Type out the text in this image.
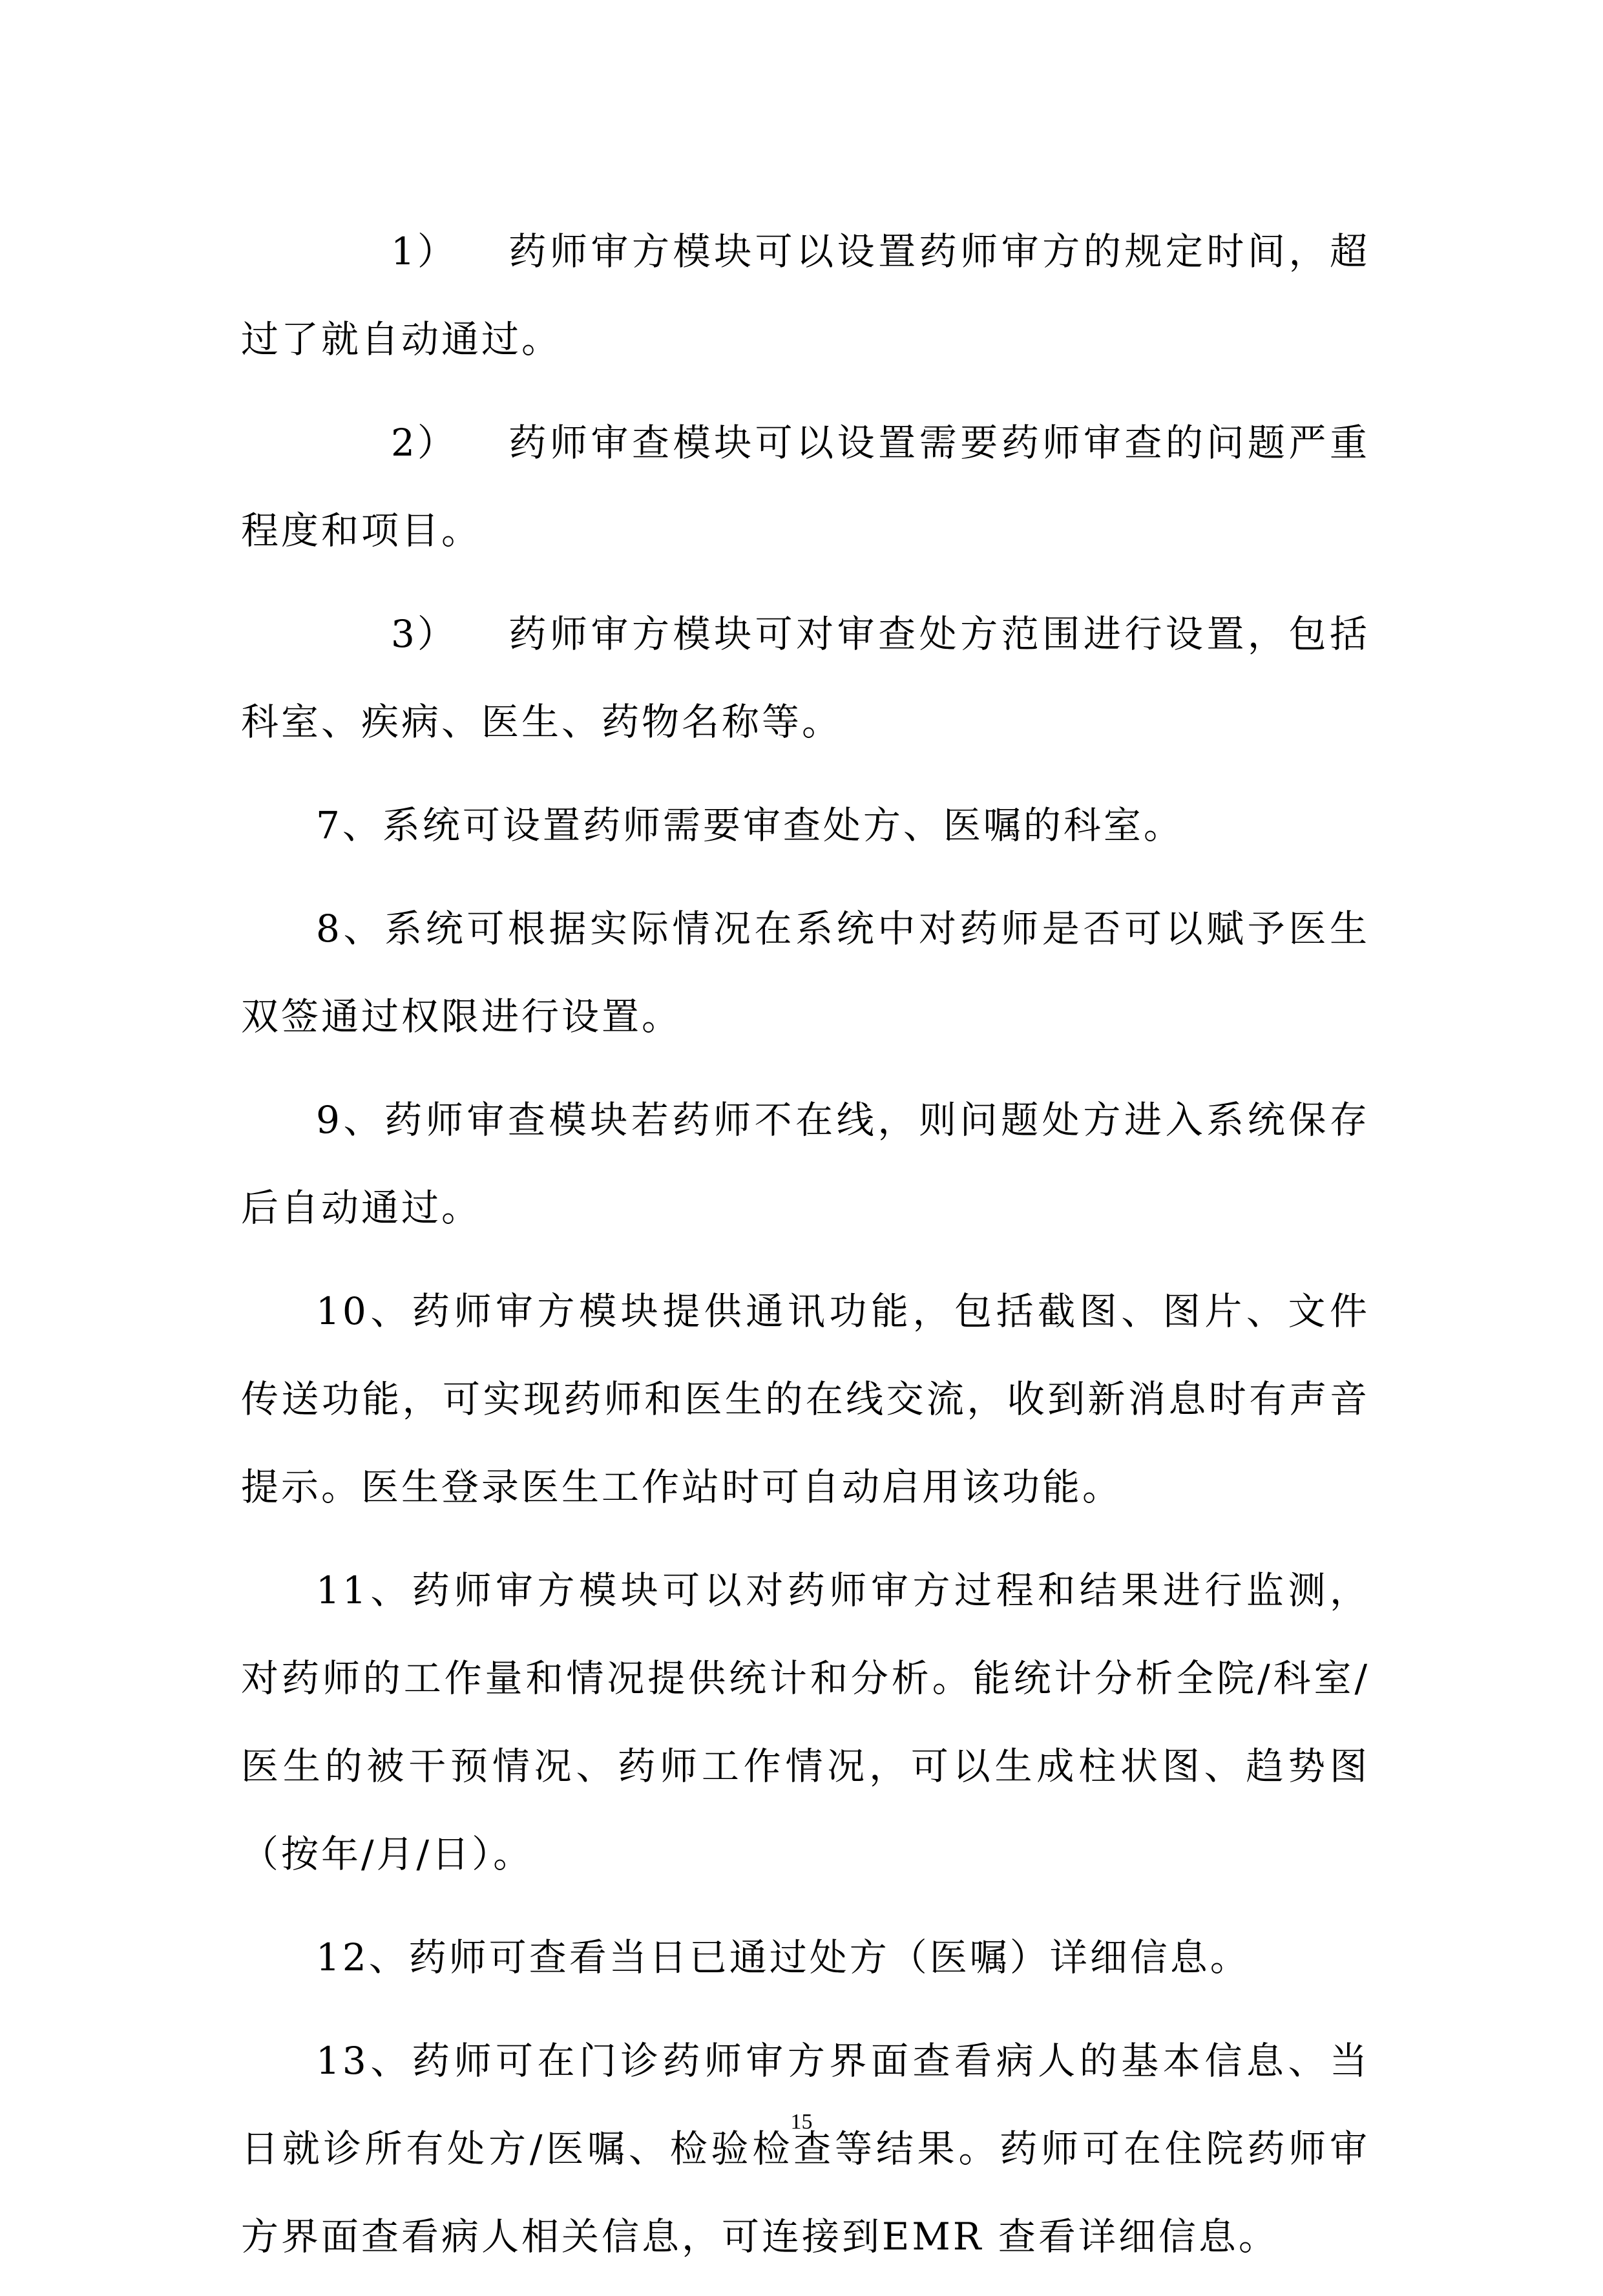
1） 药师审方模块可以设置药师审方的规定时间，超过了就自动通过。

2） 药师审查模块可以设置需要药师审查的问题严重程度和项目。

3） 药师审方模块可对审查处方范围进行设置，包括科室、疾病、医生、药物名称等。

7、系统可设置药师需要审查处方、医嘱的科室。

8、系统可根据实际情况在系统中对药师是否可以赋予医生双签通过权限进行设置。

9、药师审查模块若药师不在线，则问题处方进入系统保存后自动通过。

10、药师审方模块提供通讯功能，包括截图、图片、文件传送功能，可实现药师和医生的在线交流，收到新消息时有声音提示。医生登录医生工作站时可自动启用该功能。

11、药师审方模块可以对药师审方过程和结果进行监测，对药师的工作量和情况提供统计和分析。能统计分析全院/科室/医生的被干预情况、药师工作情况，可以生成柱状图、趋势图（按年/月/日）。

12、药师可查看当日已通过处方（医嘱）详细信息。

13、药师可在门诊药师审方界面查看病人的基本信息、当日就诊所有处方/医嘱、检验检查等结果。药师可在住院药师审方界面查看病人相关信息，可连接到EMR 查看详细信息。

15
